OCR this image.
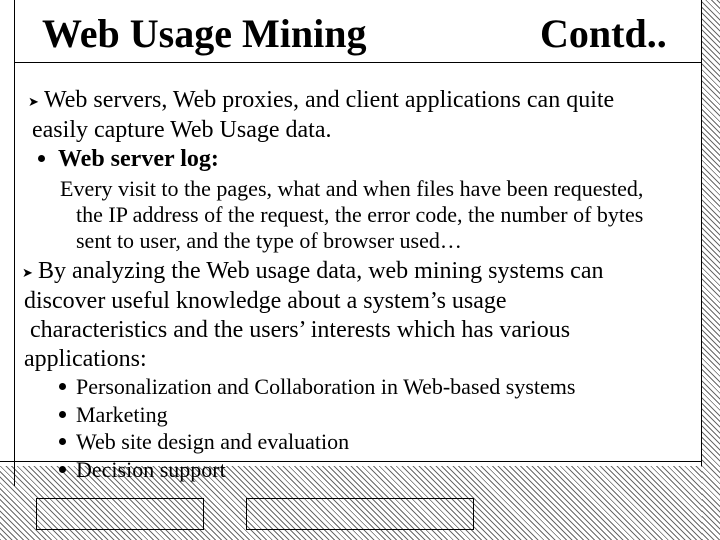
Web Usage Mining	Contd..
➤ Web servers, Web proxies, and client applications can quite
easily capture Web Usage data.
Web server log:
Every visit to the pages, what and when files have been requested,
the IP address of the request, the error code, the number of bytes
sent to user, and the type of browser used…
➤ By analyzing the Web usage data, web mining systems can
discover useful knowledge about a system’s usage
characteristics and the users’ interests which has various
applications:
Personalization and Collaboration in Web-based systems
Marketing
Web site design and evaluation
Decision support
